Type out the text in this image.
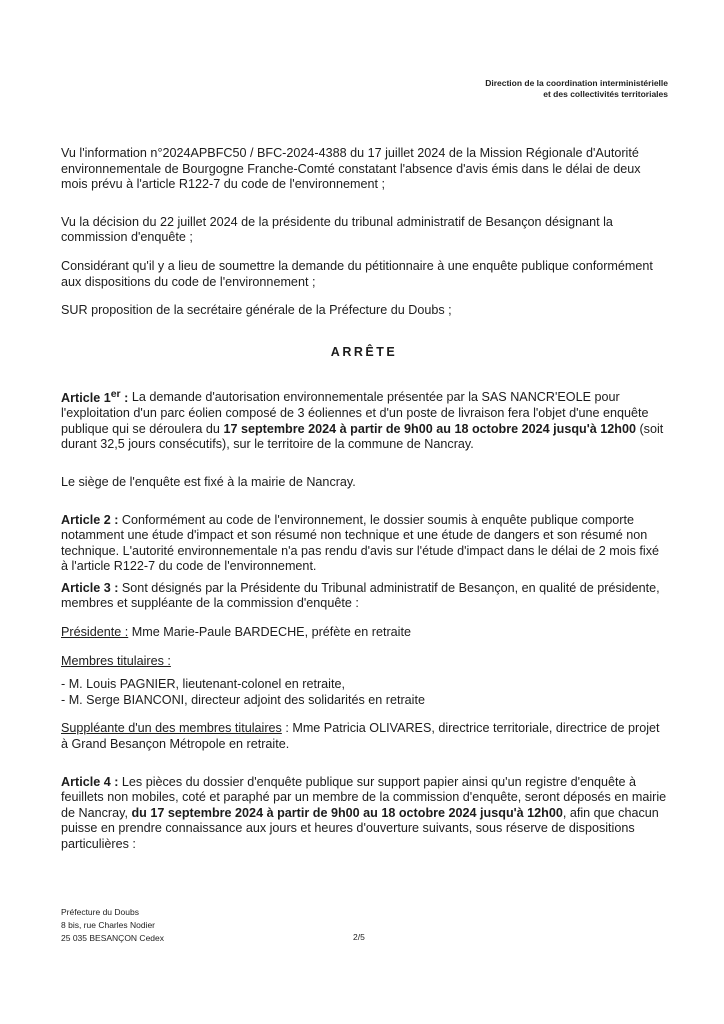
Direction de la coordination interministérielle
et des collectivités territoriales

Vu l'information n°2024APBFC50 / BFC-2024-4388 du 17 juillet 2024 de la Mission Régionale d'Autorité environnementale de Bourgogne Franche-Comté constatant l'absence d'avis émis dans le délai de deux mois prévu à l'article R122-7 du code de l'environnement ;

Vu la décision du 22 juillet 2024 de la présidente du tribunal administratif de Besançon désignant la commission d'enquête ;

Considérant qu'il y a lieu de soumettre la demande du pétitionnaire à une enquête publique conformément aux dispositions du code de l'environnement ;

SUR proposition de la secrétaire générale de la Préfecture du Doubs ;

ARRÊTE

Article 1er : La demande d'autorisation environnementale présentée par la SAS NANCR'EOLE pour l'exploitation d'un parc éolien composé de 3 éoliennes et d'un poste de livraison fera l'objet d'une enquête publique qui se déroulera du 17 septembre 2024 à partir de 9h00 au 18 octobre 2024 jusqu'à 12h00 (soit durant 32,5 jours consécutifs), sur le territoire de la commune de Nancray.

Le siège de l'enquête est fixé à la mairie de Nancray.

Article 2 : Conformément au code de l'environnement, le dossier soumis à enquête publique comporte notamment une étude d'impact et son résumé non technique et une étude de dangers et son résumé non technique. L'autorité environnementale n'a pas rendu d'avis sur l'étude d'impact dans le délai de 2 mois fixé à l'article R122-7 du code de l'environnement.

Article 3 : Sont désignés par la Présidente du Tribunal administratif de Besançon, en qualité de présidente, membres et suppléante de la commission d'enquête :

Présidente : Mme Marie-Paule BARDECHE, préfète en retraite

Membres titulaires :

- M. Louis PAGNIER, lieutenant-colonel en retraite,
- M. Serge BIANCONI, directeur adjoint des solidarités en retraite

Suppléante d'un des membres titulaires : Mme Patricia OLIVARES, directrice territoriale, directrice de projet à Grand Besançon Métropole en retraite.

Article 4 : Les pièces du dossier d'enquête publique sur support papier ainsi qu'un registre d'enquête à feuillets non mobiles, coté et paraphé par un membre de la commission d'enquête, seront déposés en mairie de Nancray, du 17 septembre 2024 à partir de 9h00 au 18 octobre 2024 jusqu'à 12h00, afin que chacun puisse en prendre connaissance aux jours et heures d'ouverture suivants, sous réserve de dispositions particulières :

Préfecture du Doubs
8 bis, rue Charles Nodier
25 035 BESANÇON Cedex	2/5
